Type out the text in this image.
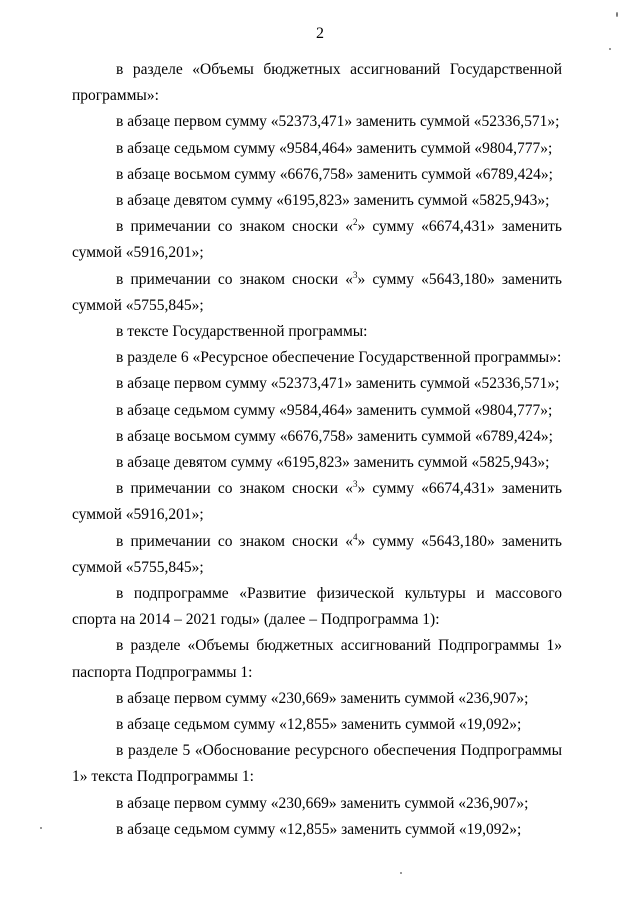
2

в разделе «Объемы бюджетных ассигнований Государственной программы»:

в абзаце первом сумму «52373,471» заменить суммой «52336,571»;

в абзаце седьмом сумму «9584,464» заменить суммой «9804,777»;

в абзаце восьмом сумму «6676,758» заменить суммой «6789,424»;

в абзаце девятом сумму «6195,823» заменить суммой «5825,943»;

в примечании со знаком сноски «$^2$» сумму «6674,431» заменить суммой «5916,201»;

в примечании со знаком сноски «$^3$» сумму «5643,180» заменить суммой «5755,845»;

в тексте Государственной программы:

в разделе 6 «Ресурсное обеспечение Государственной программы»:

в абзаце первом сумму «52373,471» заменить суммой «52336,571»;

в абзаце седьмом сумму «9584,464» заменить суммой «9804,777»;

в абзаце восьмом сумму «6676,758» заменить суммой «6789,424»;

в абзаце девятом сумму «6195,823» заменить суммой «5825,943»;

в примечании со знаком сноски «$^3$» сумму «6674,431» заменить суммой «5916,201»;

в примечании со знаком сноски «$^4$» сумму «5643,180» заменить суммой «5755,845»;

в подпрограмме «Развитие физической культуры и массового спорта на 2014 – 2021 годы» (далее – Подпрограмма 1):

в разделе «Объемы бюджетных ассигнований Подпрограммы 1» паспорта Подпрограммы 1:

в абзаце первом сумму «230,669» заменить суммой «236,907»;

в абзаце седьмом сумму «12,855» заменить суммой «19,092»;

в разделе 5 «Обоснование ресурсного обеспечения Подпрограммы 1» текста Подпрограммы 1:

в абзаце первом сумму «230,669» заменить суммой «236,907»;

в абзаце седьмом сумму «12,855» заменить суммой «19,092»;
